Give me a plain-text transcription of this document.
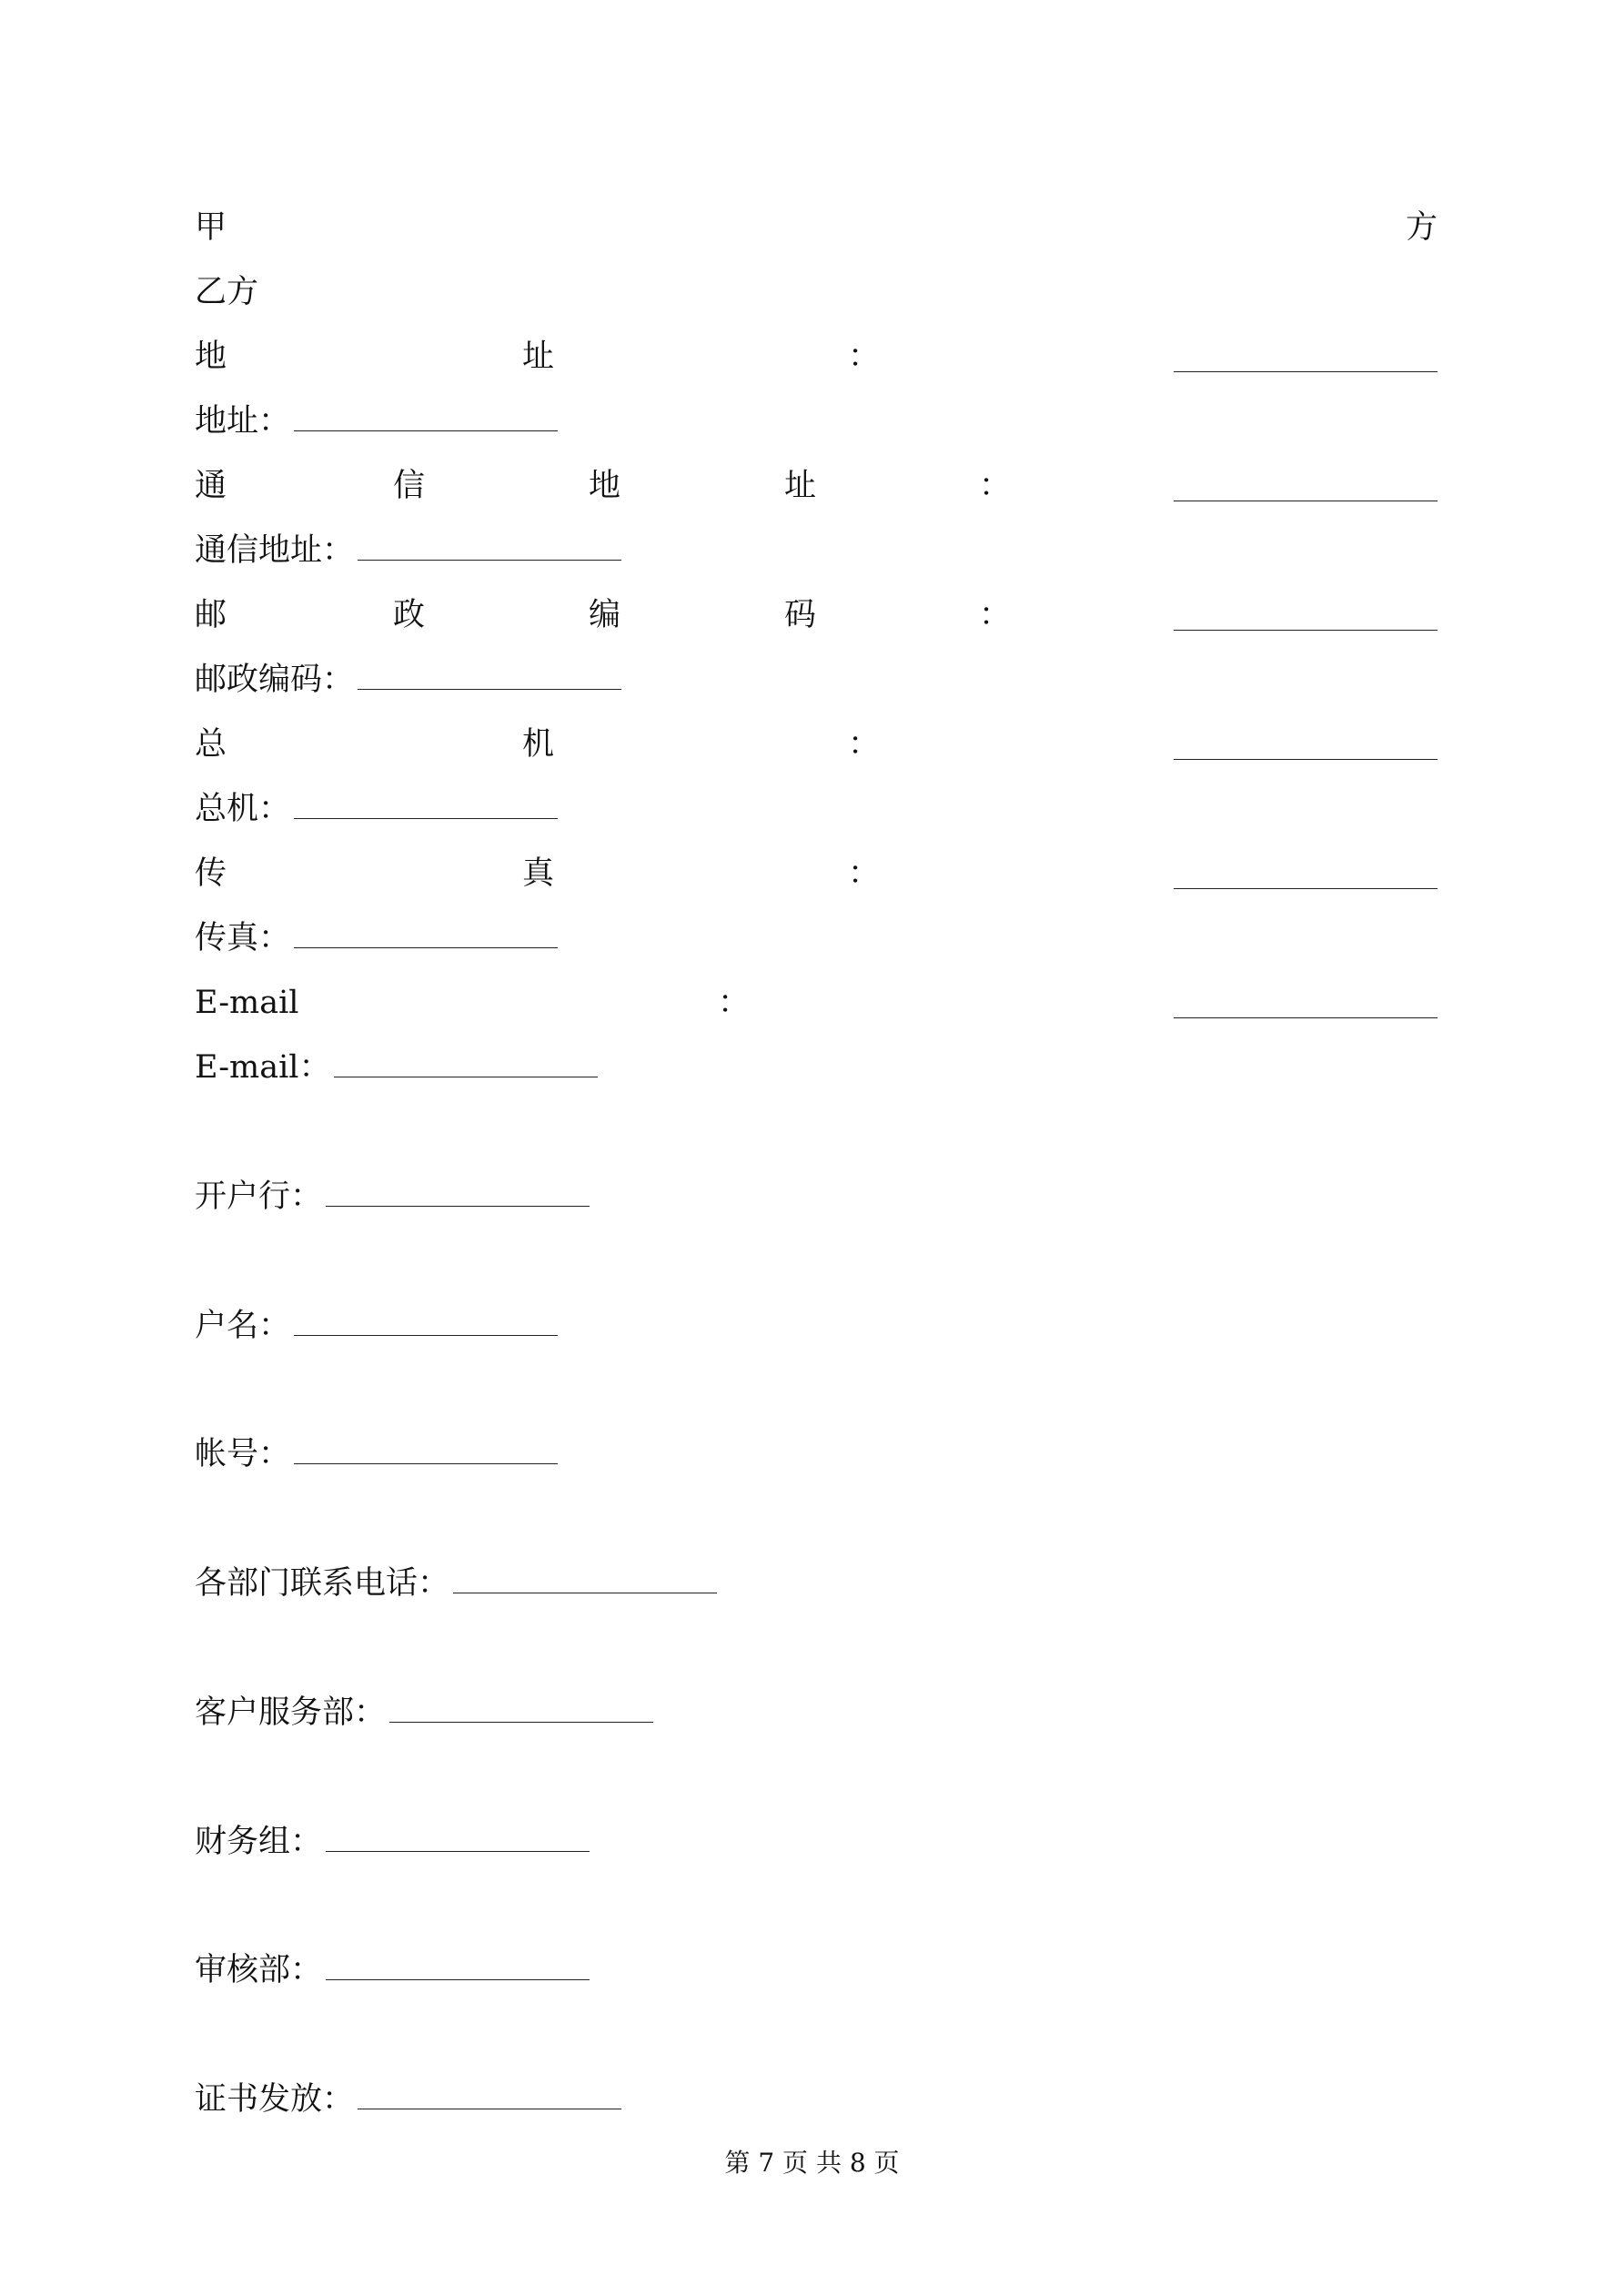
甲	方
乙方
地	址	：
地址：
通	信	地	址	：
通信地址：
邮	政	编	码	：
邮政编码：
总	机	：
总机：
传	真	：
传真：
E-mail	：
E-mail：
开户行：
户名：
帐号：
各部门联系电话：
客户服务部：
财务组：
审核部：
证书发放：
第 7 页 共 8 页
